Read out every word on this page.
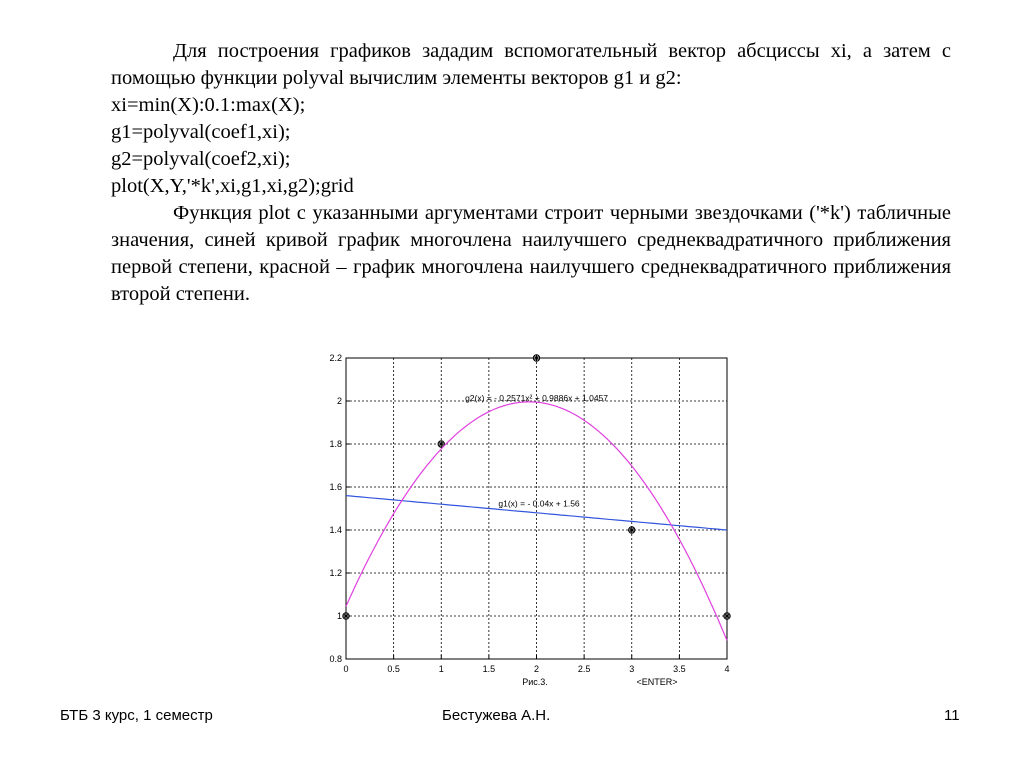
Для построения графиков зададим вспомогательный вектор абсциссы xi, а затем с помощью функции polyval вычислим элементы векторов g1 и g2:

xi=min(X):0.1:max(X);

g1=polyval(coef1,xi);

g2=polyval(coef2,xi);

plot(X,Y,'*k',xi,g1,xi,g2);grid

Функция plot с указанными аргументами строит черными звездочками ('*k') табличные значения, синей кривой график многочлена наилучшего среднеквадратичного приближения первой степени, красной – график многочлена наилучшего среднеквадратичного приближения второй степени.

0	0.5	1	1.5	2	2.5	3	3.5	4
0.8
1
1.2
1.4
1.6
1.8
2
2.2
g2(x) = - 0.2571x² + 0.9886x + 1.0457
g1(x) = - 0.04x + 1.56
Рис.3.	<ENTER>
БТБ 3 курс, 1 семестр	Бестужева А.Н.	11
